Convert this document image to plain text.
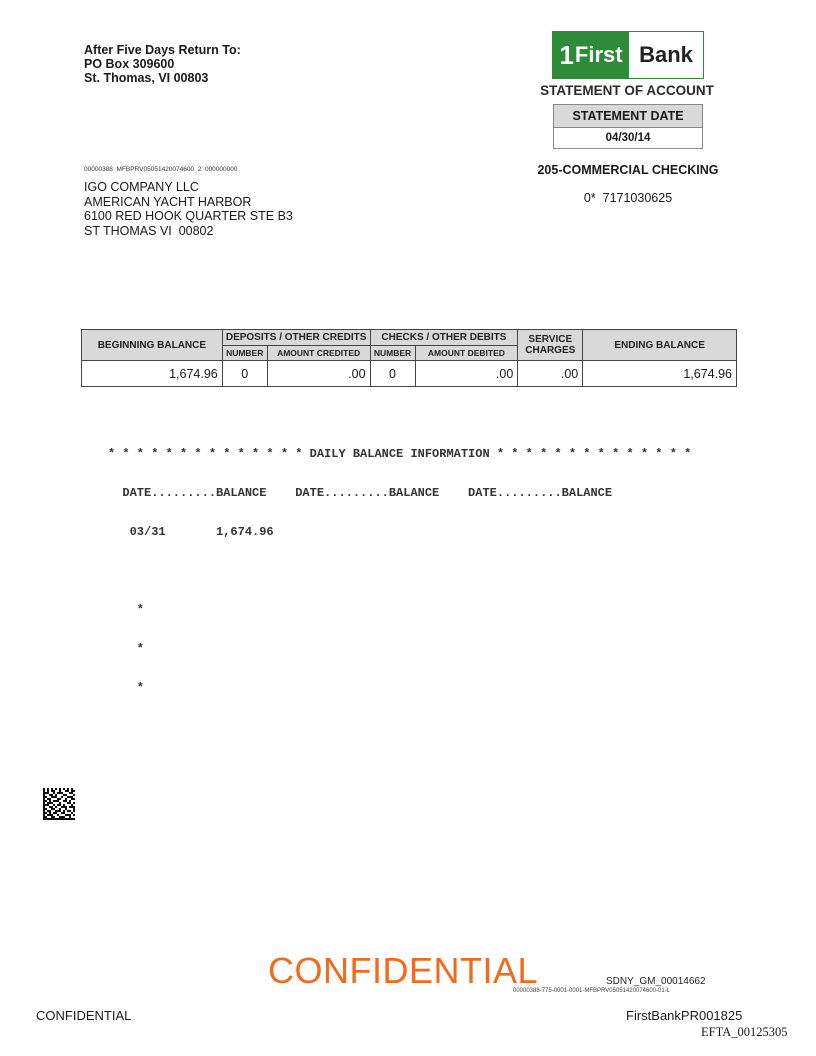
After Five Days Return To:
PO Box 309600
St. Thomas, VI 00803
1 First Bank
STATEMENT OF ACCOUNT
STATEMENT DATE
04/30/14
205-COMMERCIAL CHECKING
0*  7171030625
00000388  MFBPRV05051420074600  2  000000000
IGO COMPANY LLC
AMERICAN YACHT HARBOR
6100 RED HOOK QUARTER STE B3
ST THOMAS VI  00802
BEGINNING BALANCE	DEPOSITS / OTHER CREDITS		CHECKS / OTHER DEBITS		SERVICE CHARGES	ENDING BALANCE
	NUMBER	AMOUNT CREDITED	NUMBER	AMOUNT DEBITED		
1,674.96	0	.00	0	.00	.00	1,674.96

* * * * * * * * * * * * * * DAILY BALANCE INFORMATION * * * * * * * * * * * * * *

DATE.........BALANCE    DATE.........BALANCE    DATE.........BALANCE

03/31       1,674.96

*

*

*

CONFIDENTIAL	SDNY_GM_00014662
00000388-775-0001-0001-MFBPRV05051420074600-01-L
CONFIDENTIAL	FirstBankPR001825
EFTA_00125305
